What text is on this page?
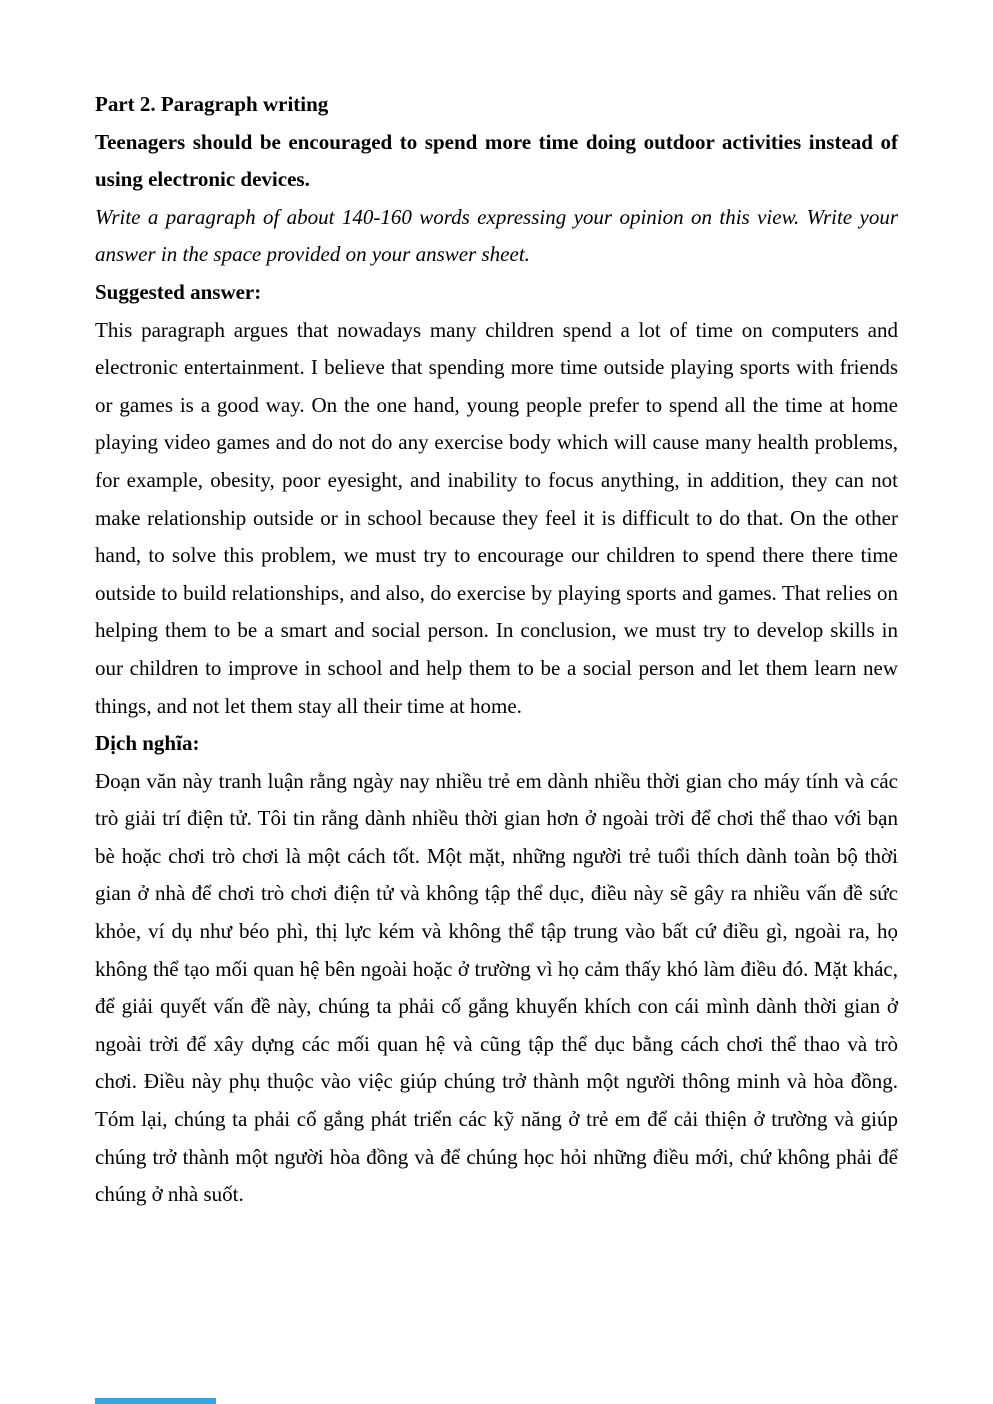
Part 2. Paragraph writing

Teenagers should be encouraged to spend more time doing outdoor activities instead of using electronic devices.

Write a paragraph of about 140-160 words expressing your opinion on this view. Write your answer in the space provided on your answer sheet.

Suggested answer:

This paragraph argues that nowadays many children spend a lot of time on computers and electronic entertainment. I believe that spending more time outside playing sports with friends or games is a good way. On the one hand, young people prefer to spend all the time at home playing video games and do not do any exercise body which will cause many health problems, for example, obesity, poor eyesight, and inability to focus anything, in addition, they can not make relationship outside or in school because they feel it is difficult to do that. On the other hand, to solve this problem, we must try to encourage our children to spend there there time outside to build relationships, and also, do exercise by playing sports and games. That relies on helping them to be a smart and social person. In conclusion, we must try to develop skills in our children to improve in school and help them to be a social person and let them learn new things, and not let them stay all their time at home.

Dịch nghĩa:

Đoạn văn này tranh luận rằng ngày nay nhiều trẻ em dành nhiều thời gian cho máy tính và các trò giải trí điện tử. Tôi tin rằng dành nhiều thời gian hơn ở ngoài trời để chơi thể thao với bạn bè hoặc chơi trò chơi là một cách tốt. Một mặt, những người trẻ tuổi thích dành toàn bộ thời gian ở nhà để chơi trò chơi điện tử và không tập thể dục, điều này sẽ gây ra nhiều vấn đề sức khỏe, ví dụ như béo phì, thị lực kém và không thể tập trung vào bất cứ điều gì, ngoài ra, họ không thể tạo mối quan hệ bên ngoài hoặc ở trường vì họ cảm thấy khó làm điều đó. Mặt khác, để giải quyết vấn đề này, chúng ta phải cố gắng khuyến khích con cái mình dành thời gian ở ngoài trời để xây dựng các mối quan hệ và cũng tập thể dục bằng cách chơi thể thao và trò chơi. Điều này phụ thuộc vào việc giúp chúng trở thành một người thông minh và hòa đồng. Tóm lại, chúng ta phải cố gắng phát triển các kỹ năng ở trẻ em để cải thiện ở trường và giúp chúng trở thành một người hòa đồng và để chúng học hỏi những điều mới, chứ không phải để chúng ở nhà suốt.
